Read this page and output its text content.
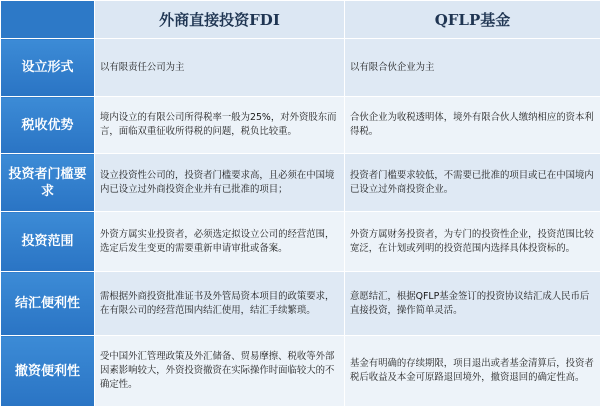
	外商直接投资FDI	QFLP基金
设立形式	以有限责任公司为主	以有限合伙企业为主
税收优势	境内设立的有限公司所得税率一般为25%，对外资股东而言，面临双重征收所得税的问题，税负比较重。	合伙企业为收税透明体，境外有限合伙人缴纳相应的资本利得税。
投资者门槛要求	设立投资性公司的，投资者门槛要求高，且必须在中国境内已设立过外商投资企业并有已批准的项目；	投资者门槛要求较低，不需要已批准的项目或已在中国境内已设立过外商投资企业。
投资范围	外资方属实业投资者，必须选定拟设立公司的经营范围，选定后发生变更的需要重新申请审批或备案。	外资方属财务投资者，为专门的投资性企业，投资范围比较宽泛，在计划或列明的投资范围内选择具体投资标的。
结汇便利性	需根据外商投资批准证书及外管局资本项目的政策要求，在有限公司的经营范围内结汇使用，结汇手续繁琐。	意愿结汇，根据QFLP基金签订的投资协议结汇成人民币后直接投资，操作简单灵活。
撤资便利性	受中国外汇管理政策及外汇储备、贸易摩擦、税收等外部因素影响较大，外资投资撤资在实际操作时面临较大的不确定性。	基金有明确的存续期限，项目退出或者基金清算后，投资者税后收益及本金可原路退回境外，撤资退回的确定性高。
